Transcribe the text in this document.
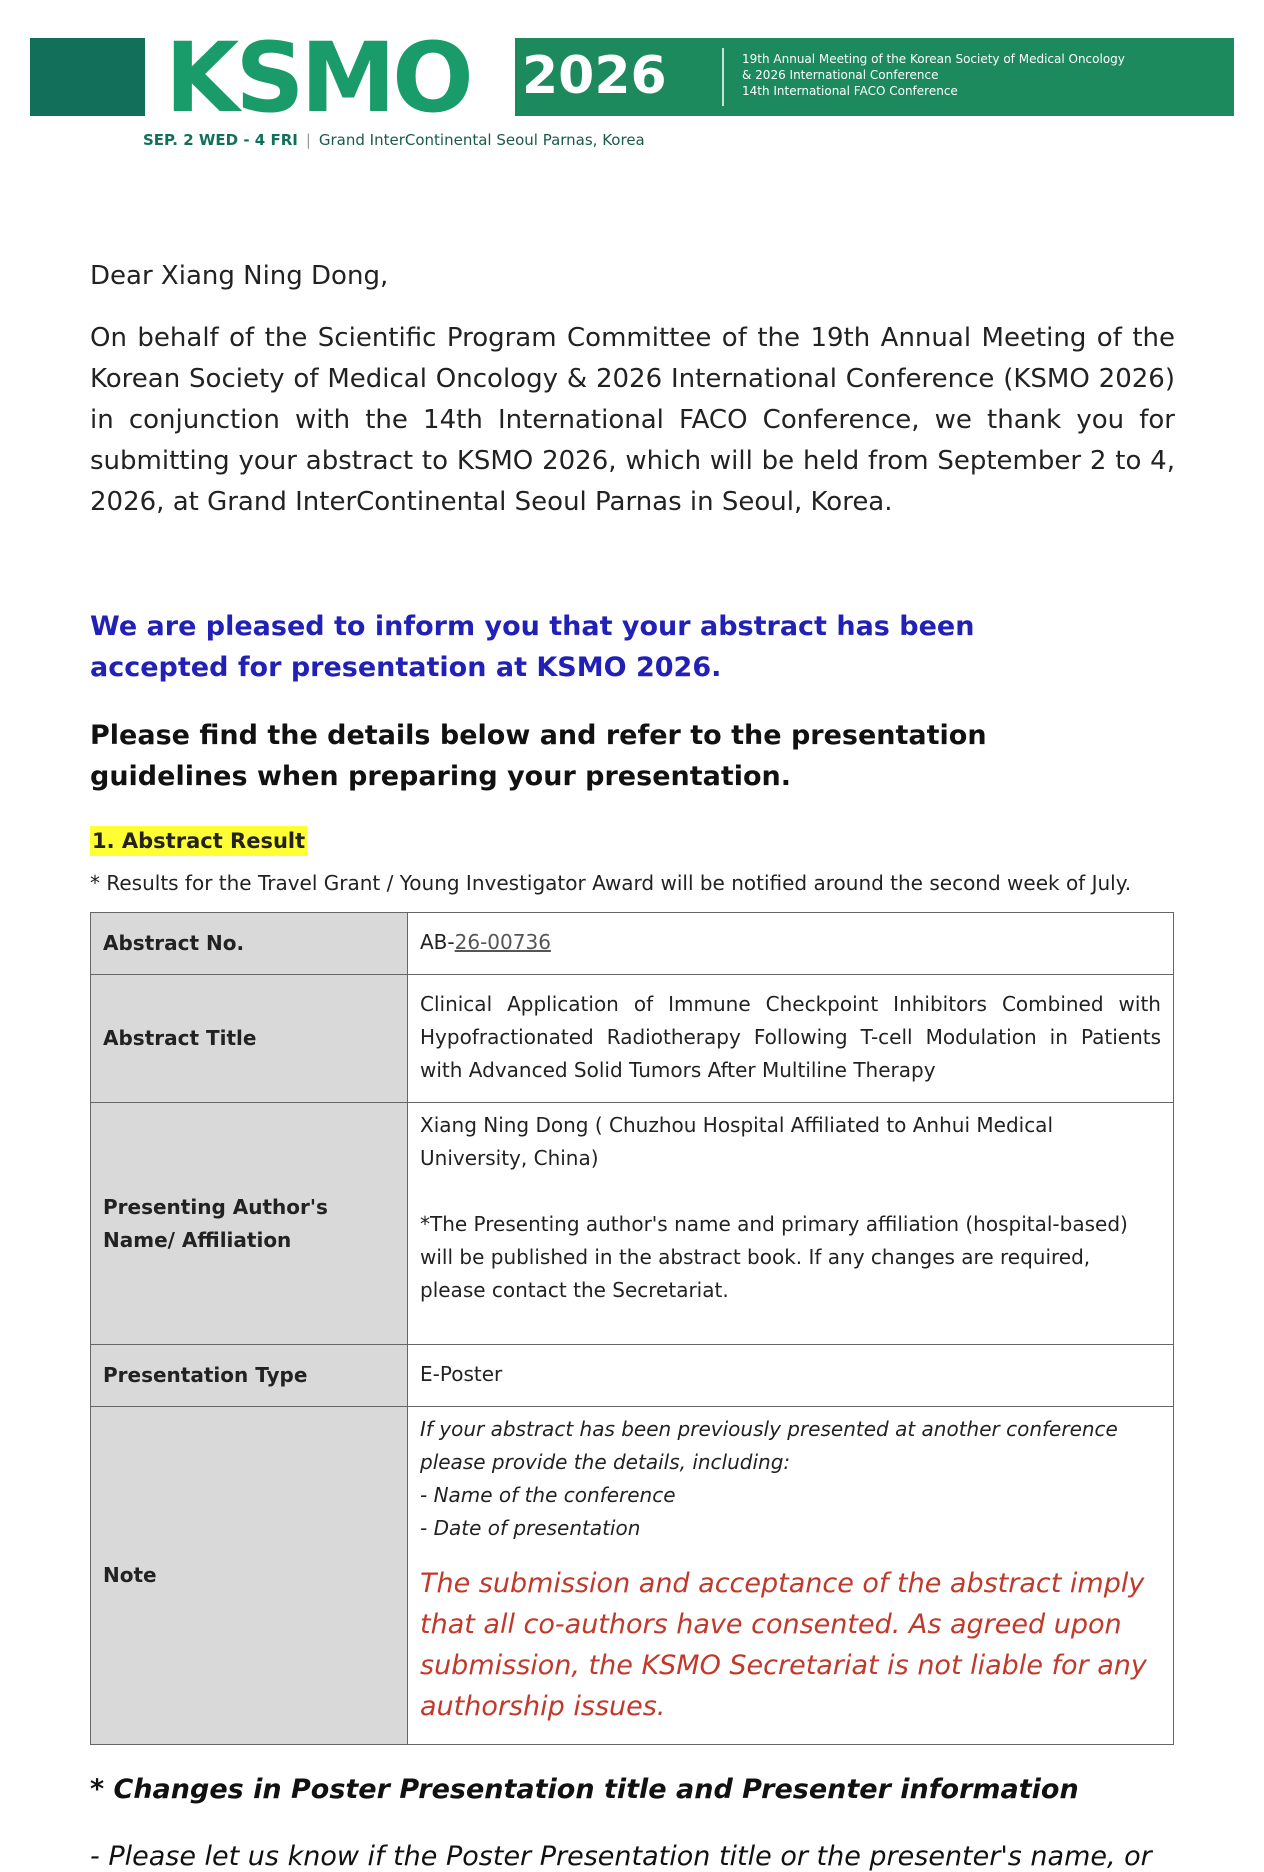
KSMO 2026	19th Annual Meeting of the Korean Society of Medical Oncology
& 2026 International Conference
14th International FACO Conference
SEP. 2 WED - 4 FRI | Grand InterContinental Seoul Parnas, Korea

Dear Xiang Ning Dong,

On behalf of the Scientific Program Committee of the 19th Annual Meeting of the Korean Society of Medical Oncology & 2026 International Conference (KSMO 2026) in conjunction with the 14th International FACO Conference, we thank you for submitting your abstract to KSMO 2026, which will be held from September 2 to 4, 2026, at Grand InterContinental Seoul Parnas in Seoul, Korea.

We are pleased to inform you that your abstract has been accepted for presentation at KSMO 2026.
Please find the details below and refer to the presentation guidelines when preparing your presentation.
1. Abstract Result
* Results for the Travel Grant / Young Investigator Award will be notified around the second week of July.
Abstract No.	AB-26-00736
Abstract Title	Clinical Application of Immune Checkpoint Inhibitors Combined with Hypofractionated Radiotherapy Following T-cell Modulation in Patients with Advanced Solid Tumors After Multiline Therapy
Presenting Author's Name/ Affiliation	Xiang Ning Dong ( Chuzhou Hospital Affiliated to Anhui Medical University, China)
*The Presenting author's name and primary affiliation (hospital-based) will be published in the abstract book. If any changes are required, please contact the Secretariat.

Presentation Type	E-Poster
Note	If your abstract has been previously presented at another conference please provide the details, including:
- Name of the conference
- Date of presentation
The submission and acceptance of the abstract imply that all co-authors have consented. As agreed upon submission, the KSMO Secretariat is not liable for any authorship issues.
* Changes in Poster Presentation title and Presenter information
- Please let us know if the Poster Presentation title or the presenter's name, or
